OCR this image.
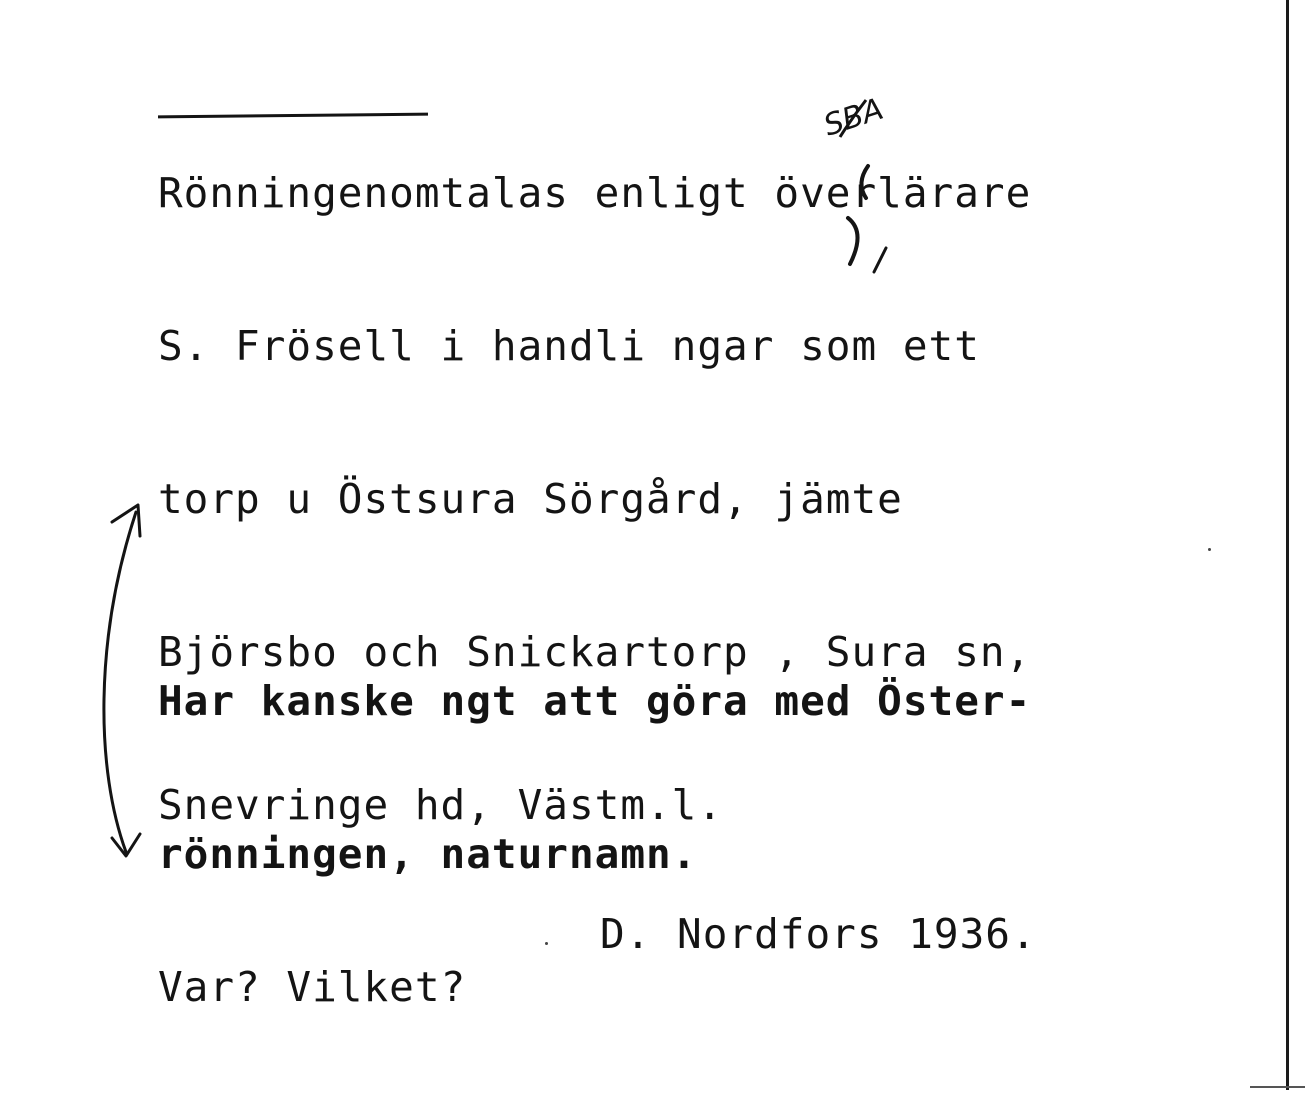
Rönningenomtalas enligt överlärare

S. Frösell i handli ngar som ett

torp u Östsura Sörgård, jämte

Björsbo och Snickartorp , Sura sn,

Snevringe hd, Västm.l.

Har kanske ngt att göra med Öster-

rönningen, naturnamn.

Var? Vilket?

D. Nordfors 1936.
SBA
